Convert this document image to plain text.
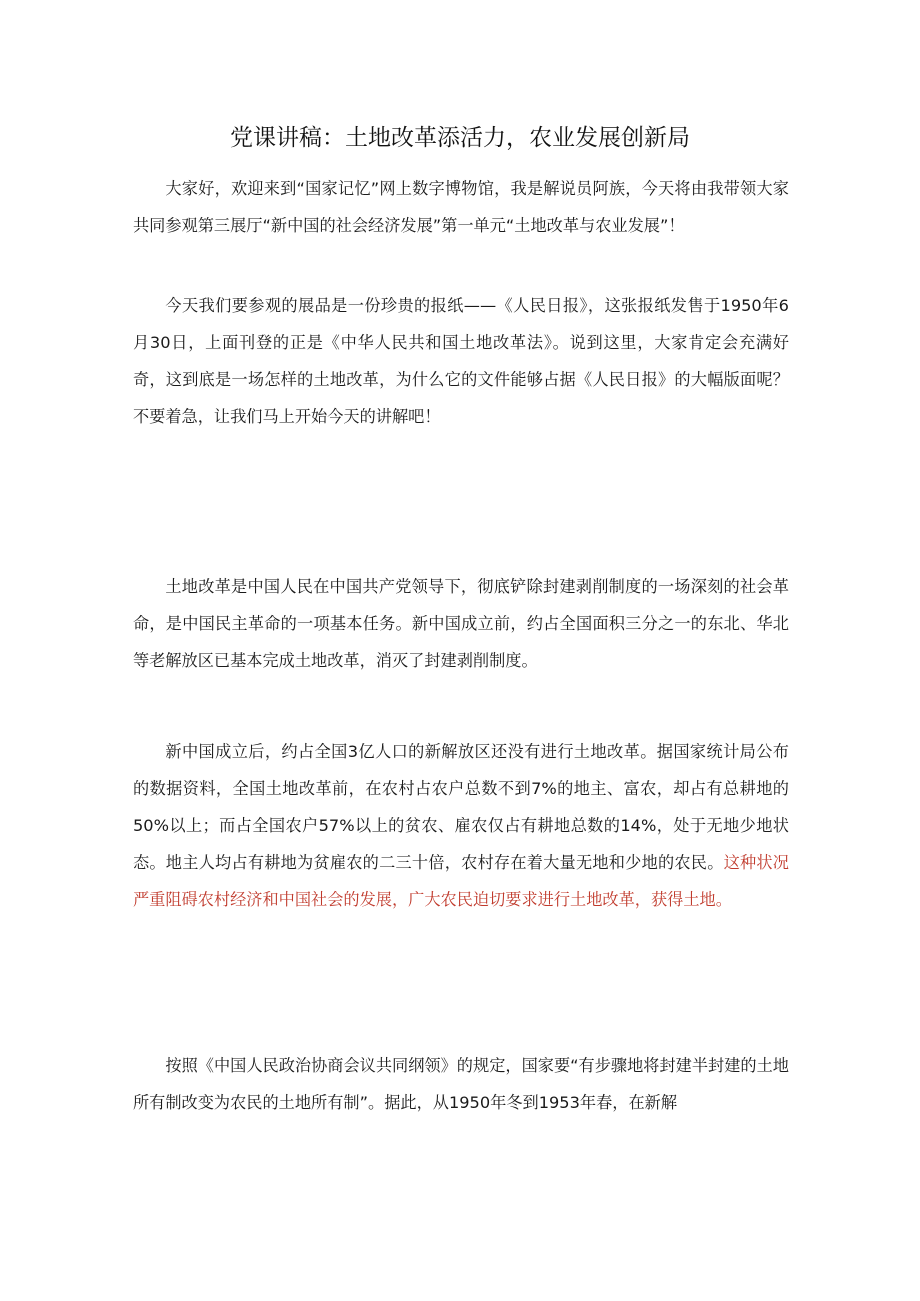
党课讲稿：土地改革添活力，农业发展创新局

大家好，欢迎来到“国家记忆”网上数字博物馆，我是解说员阿族，今天将由我带领大家共同参观第三展厅“新中国的社会经济发展”第一单元“土地改革与农业发展”！

今天我们要参观的展品是一份珍贵的报纸——《人民日报》，这张报纸发售于1950年6月30日，上面刊登的正是《中华人民共和国土地改革法》。说到这里，大家肯定会充满好奇，这到底是一场怎样的土地改革，为什么它的文件能够占据《人民日报》的大幅版面呢？不要着急，让我们马上开始今天的讲解吧！

土地改革是中国人民在中国共产党领导下，彻底铲除封建剥削制度的一场深刻的社会革命，是中国民主革命的一项基本任务。新中国成立前，约占全国面积三分之一的东北、华北等老解放区已基本完成土地改革，消灭了封建剥削制度。

新中国成立后，约占全国3亿人口的新解放区还没有进行土地改革。据国家统计局公布的数据资料，全国土地改革前，在农村占农户总数不到7%的地主、富农，却占有总耕地的50%以上；而占全国农户57%以上的贫农、雇农仅占有耕地总数的14%，处于无地少地状态。地主人均占有耕地为贫雇农的二三十倍，农村存在着大量无地和少地的农民。这种状况严重阻碍农村经济和中国社会的发展，广大农民迫切要求进行土地改革，获得土地。

按照《中国人民政治协商会议共同纲领》的规定，国家要“有步骤地将封建半封建的土地所有制改变为农民的土地所有制”。据此，从1950年冬到1953年春，在新解
